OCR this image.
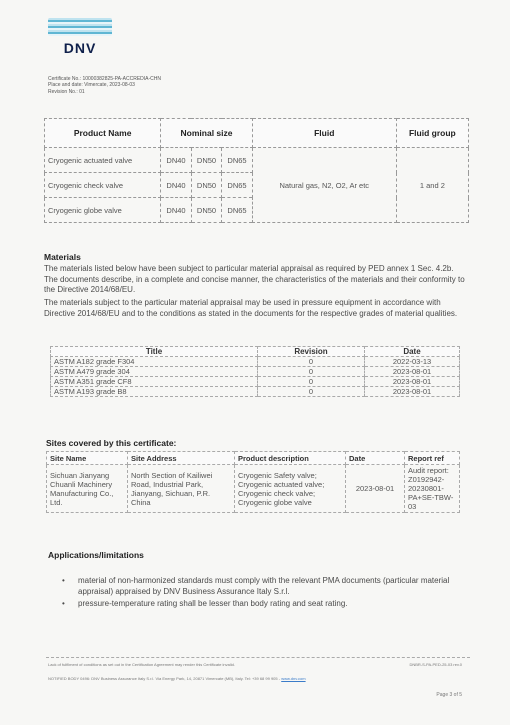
DNV
Certificate No.: 10000382825-PA-ACCREDIA-CHN
Place and date: Vimercate, 2023-08-03
Revision No.: 01
Product Name	Nominal size			Fluid	Fluid group
Cryogenic actuated valve	DN40	DN50	DN65	Natural gas, N2, O2, Ar etc	1 and 2
Cryogenic check valve	DN40	DN50	DN65		
Cryogenic globe valve	DN40	DN50	DN65		
Materials
The materials listed below have been subject to particular material appraisal as required by PED annex 1 Sec. 4.2b. The documents describe, in a complete and concise manner, the characteristics of the materials and their conformity to the Directive 2014/68/EU.
The materials subject to the particular material appraisal may be used in pressure equipment in accordance with Directive 2014/68/EU and to the conditions as stated in the documents for the respective grades of material qualities.
Title	Revision	Date
ASTM A182 grade F304	0	2022-03-13
ASTM A479 grade 304	0	2023-08-01
ASTM A351 grade CF8	0	2023-08-01
ASTM A193 grade B8	0	2023-08-01
Sites covered by this certificate:
Site Name	Site Address	Product description	Date	Report ref
Sichuan Jianyang Chuanli Machinery Manufacturing Co., Ltd.	North Section of Kailiwei Road, Industrial Park, Jianyang, Sichuan, P.R. China	Cryogenic Safety valve; Cryogenic actuated valve; Cryogenic check valve; Cryogenic globe valve	2023-08-01	Audit report: Z0192942-20230801-PA+SE-TBW-03
Applications/limitations
• material of non-harmonized standards must comply with the relevant PMA documents (particular material appraisal) appraised by DNV Business Assurance Italy S.r.l.
• pressure-temperature rating shall be lesser than body rating and seat rating.
Lack of fulfilment of conditions as set out in the Certification Agreement may render this Certificate invalid.	DNBR-S-PA-PED-25-03 rev.0
NOTIFIED BODY 0496: DNV Business Assurance Italy S.r.l. Via Energy Park, 14, 20871 Vimercate (MB), Italy. Tel: +39 68 99 905 - www.dnv.com
Page 3 of 5
